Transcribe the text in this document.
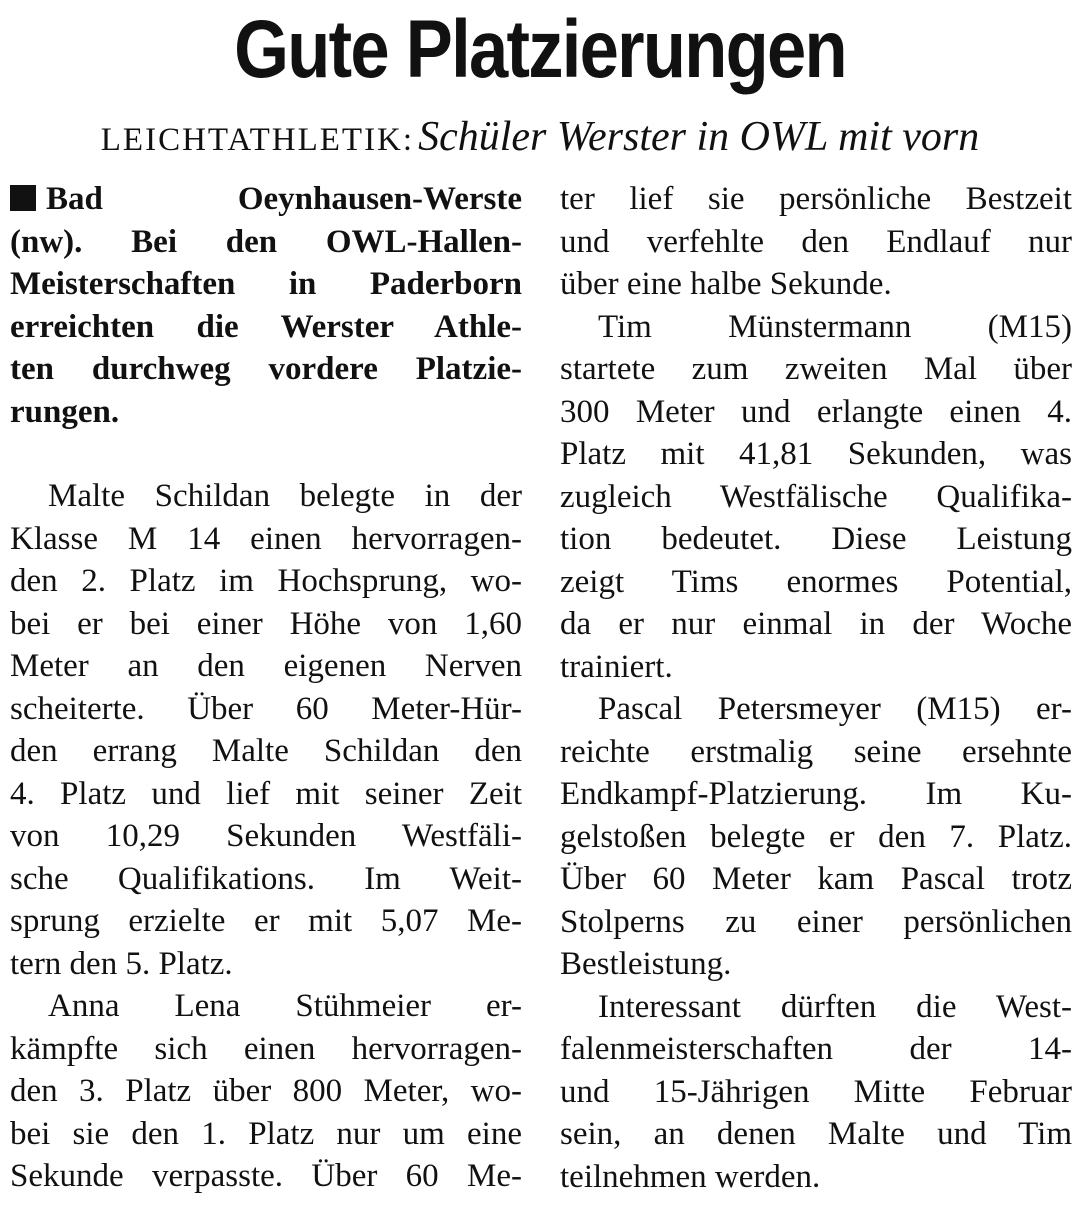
Gute Platzierungen
LEICHTATHLETIK: Schüler Werster in OWL mit vorn
Bad Oeynhausen-Werste
(nw). Bei den OWL-Hallen-
Meisterschaften in Paderborn
erreichten die Werster Athle-
ten durchweg vordere Platzie-
rungen.
Malte Schildan belegte in der
Klasse M 14 einen hervorragen-
den 2. Platz im Hochsprung, wo-
bei er bei einer Höhe von 1,60
Meter an den eigenen Nerven
scheiterte. Über 60 Meter-Hür-
den errang Malte Schildan den
4. Platz und lief mit seiner Zeit
von 10,29 Sekunden Westfäli-
sche Qualifikations. Im Weit-
sprung erzielte er mit 5,07 Me-
tern den 5. Platz.
Anna Lena Stühmeier er-
kämpfte sich einen hervorragen-
den 3. Platz über 800 Meter, wo-
bei sie den 1. Platz nur um eine
Sekunde verpasste. Über 60 Me-
ter lief sie persönliche Bestzeit
und verfehlte den Endlauf nur
über eine halbe Sekunde.
Tim Münstermann (M15)
startete zum zweiten Mal über
300 Meter und erlangte einen 4.
Platz mit 41,81 Sekunden, was
zugleich Westfälische Qualifika-
tion bedeutet. Diese Leistung
zeigt Tims enormes Potential,
da er nur einmal in der Woche
trainiert.
Pascal Petersmeyer (M15) er-
reichte erstmalig seine ersehnte
Endkampf-Platzierung. Im Ku-
gelstoßen belegte er den 7. Platz.
Über 60 Meter kam Pascal trotz
Stolperns zu einer persönlichen
Bestleistung.
Interessant dürften die West-
falenmeisterschaften der 14-
und 15-Jährigen Mitte Februar
sein, an denen Malte und Tim
teilnehmen werden.
